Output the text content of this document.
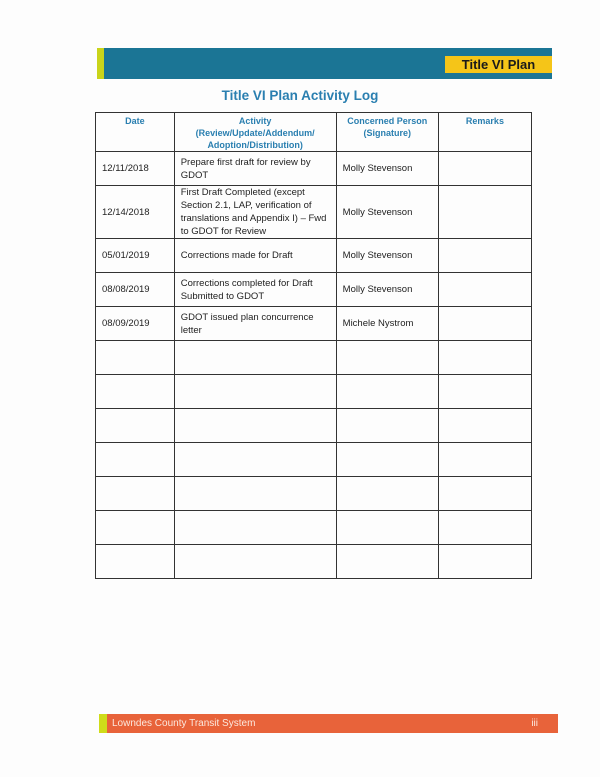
Title VI Plan
Title VI Plan Activity Log
Date	Activity (Review/Update/Addendum/ Adoption/Distribution)	Concerned Person (Signature)	Remarks
12/11/2018	Prepare first draft for review by GDOT	Molly Stevenson	
12/14/2018	First Draft Completed (except Section 2.1, LAP, verification of translations and Appendix I) – Fwd to GDOT for Review	Molly Stevenson	
05/01/2019	Corrections made for Draft	Molly Stevenson	
08/08/2019	Corrections completed for Draft Submitted to GDOT	Molly Stevenson	
08/09/2019	GDOT issued plan concurrence letter	Michele Nystrom	

Lowndes County Transit System	iii
